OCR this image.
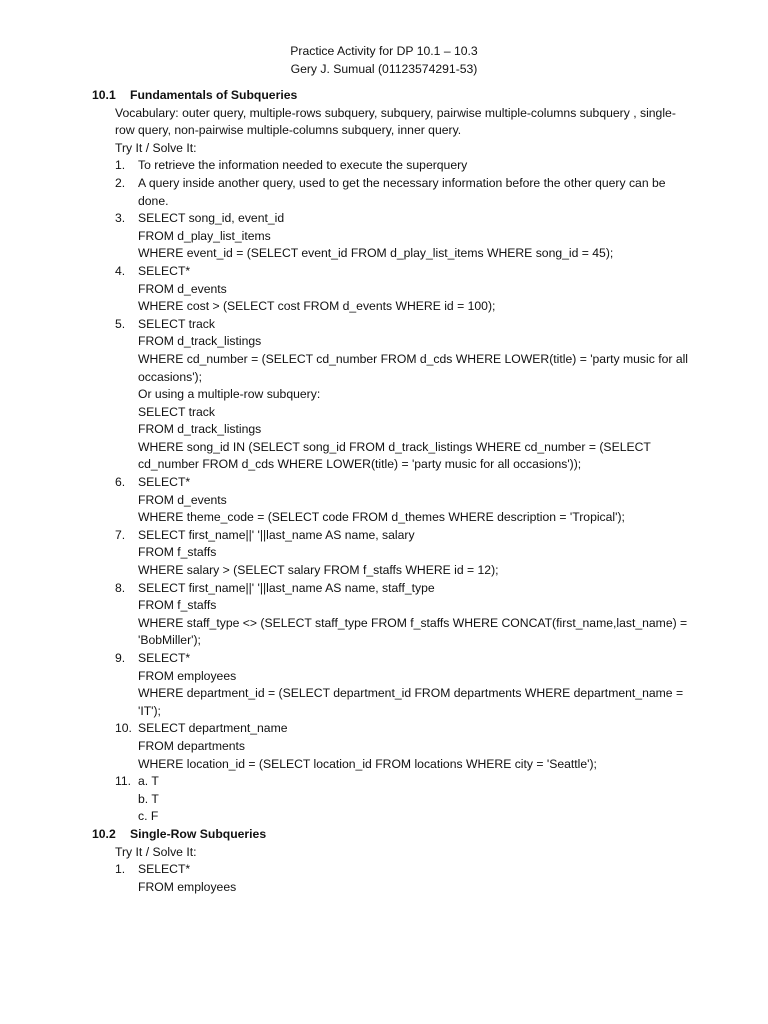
Practice Activity for DP 10.1 – 10.3
Gery J. Sumual (01123574291-53)
10.1	Fundamentals of Subqueries
Vocabulary: outer query, multiple-rows subquery, subquery, pairwise multiple-columns subquery , single-row query, non-pairwise multiple-columns subquery, inner query.
Try It / Solve It:
1.	To retrieve the information needed to execute the superquery
2.	A query inside another query, used to get the necessary information before the other query can be done.
3.	SELECT song_id, event_id
FROM d_play_list_items
WHERE event_id = (SELECT event_id FROM d_play_list_items WHERE song_id = 45);
4.	SELECT*
FROM d_events
WHERE cost > (SELECT cost FROM d_events WHERE id = 100);
5.	SELECT track
FROM d_track_listings
WHERE cd_number = (SELECT cd_number FROM d_cds WHERE LOWER(title) = 'party music for all occasions');
Or using a multiple-row subquery:
SELECT track
FROM d_track_listings
WHERE song_id IN (SELECT song_id FROM d_track_listings WHERE cd_number = (SELECT cd_number FROM d_cds WHERE LOWER(title) = 'party music for all occasions'));
6.	SELECT*
FROM d_events
WHERE theme_code = (SELECT code FROM d_themes WHERE description = 'Tropical');
7.	SELECT first_name||' '||last_name AS name, salary
FROM f_staffs
WHERE salary > (SELECT salary FROM f_staffs WHERE id = 12);
8.	SELECT first_name||' '||last_name AS name, staff_type
FROM f_staffs
WHERE staff_type <> (SELECT staff_type FROM f_staffs WHERE CONCAT(first_name,last_name) = 'BobMiller');
9.	SELECT*
FROM employees
WHERE department_id = (SELECT department_id FROM departments WHERE department_name = 'IT');
10. SELECT department_name
FROM departments
WHERE location_id = (SELECT location_id FROM locations WHERE city = 'Seattle');
11. a. T
b. T
c. F
10.2	Single-Row Subqueries
Try It / Solve It:
1.	SELECT*
FROM employees
